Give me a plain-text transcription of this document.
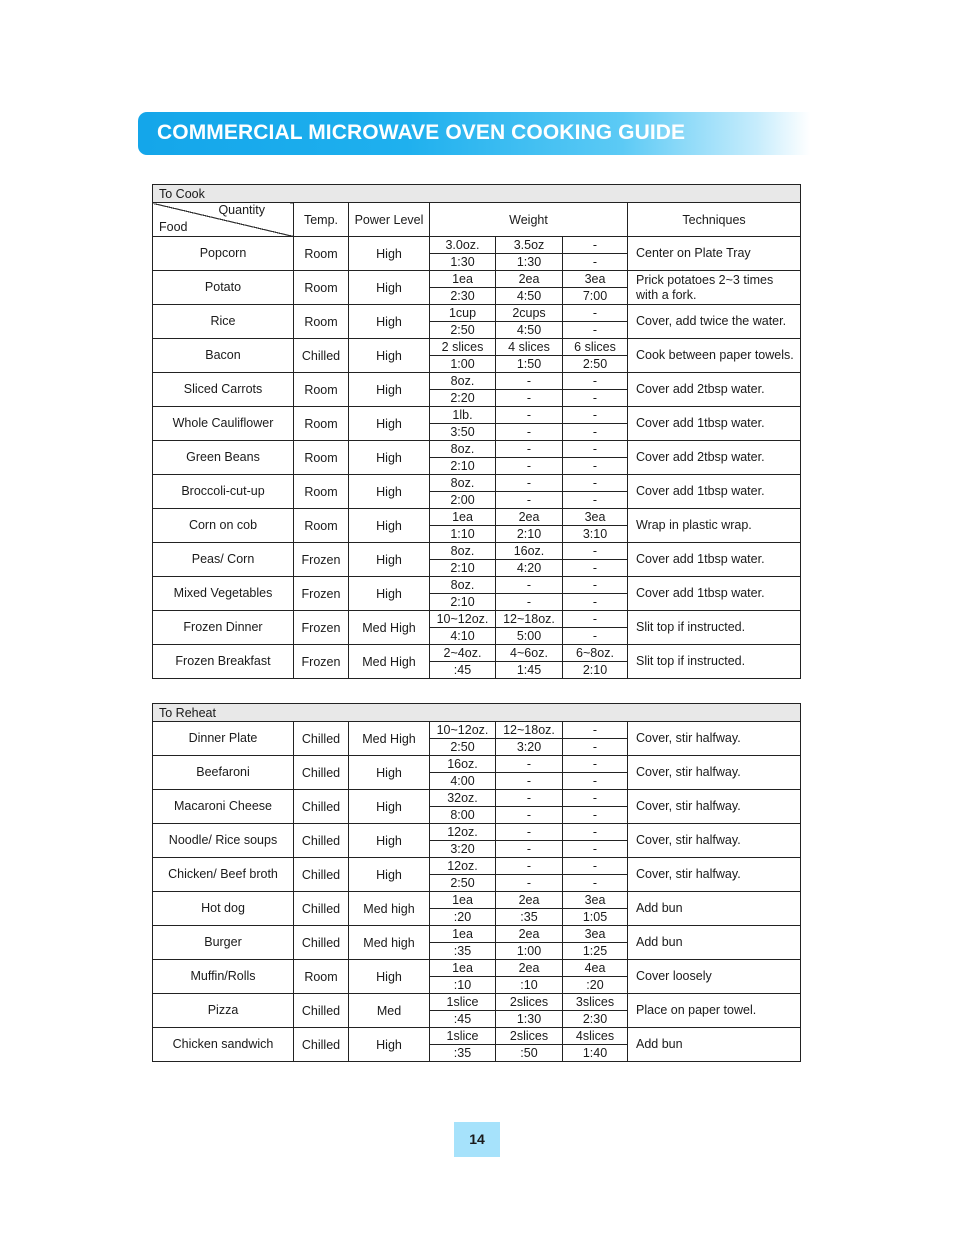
COMMERCIAL MICROWAVE OVEN COOKING GUIDE
To Cook						

Quantity
Food	Temp.	Power Level	Weight			Techniques
Popcorn	Room	High	3.0oz.	3.5oz	-	Center on Plate Tray
			1:30	1:30	-	
Potato	Room	High	1ea	2ea	3ea	Prick potatoes 2~3 times with a fork.
			2:30	4:50	7:00	
Rice	Room	High	1cup	2cups	-	Cover, add twice the water.
			2:50	4:50	-	
Bacon	Chilled	High	2 slices	4 slices	6 slices	Cook between paper towels.
			1:00	1:50	2:50	
Sliced Carrots	Room	High	8oz.	-	-	Cover add 2tbsp water.
			2:20	-	-	
Whole Cauliflower	Room	High	1lb.	-	-	Cover add 1tbsp water.
			3:50	-	-	
Green Beans	Room	High	8oz.	-	-	Cover add 2tbsp water.
			2:10	-	-	
Broccoli-cut-up	Room	High	8oz.	-	-	Cover add 1tbsp water.
			2:00	-	-	
Corn on cob	Room	High	1ea	2ea	3ea	Wrap in plastic wrap.
			1:10	2:10	3:10	
Peas/ Corn	Frozen	High	8oz.	16oz.	-	Cover add 1tbsp water.
			2:10	4:20	-	
Mixed Vegetables	Frozen	High	8oz.	-	-	Cover add 1tbsp water.
			2:10	-	-	
Frozen Dinner	Frozen	Med High	10~12oz.	12~18oz.	-	Slit top if instructed.
			4:10	5:00	-	
Frozen Breakfast	Frozen	Med High	2~4oz.	4~6oz.	6~8oz.	Slit top if instructed.
			:45	1:45	2:10	
To Reheat						
Dinner Plate	Chilled	Med High	10~12oz.	12~18oz.	-	Cover, stir halfway.
			2:50	3:20	-	
Beefaroni	Chilled	High	16oz.	-	-	Cover, stir halfway.
			4:00	-	-	
Macaroni Cheese	Chilled	High	32oz.	-	-	Cover, stir halfway.
			8:00	-	-	
Noodle/ Rice soups	Chilled	High	12oz.	-	-	Cover, stir halfway.
			3:20	-	-	
Chicken/ Beef broth	Chilled	High	12oz.	-	-	Cover, stir halfway.
			2:50	-	-	
Hot dog	Chilled	Med high	1ea	2ea	3ea	Add bun
			:20	:35	1:05	
Burger	Chilled	Med high	1ea	2ea	3ea	Add bun
			:35	1:00	1:25	
Muffin/Rolls	Room	High	1ea	2ea	4ea	Cover loosely
			:10	:10	:20	
Pizza	Chilled	Med	1slice	2slices	3slices	Place on paper towel.
			:45	1:30	2:30	
Chicken sandwich	Chilled	High	1slice	2slices	4slices	Add bun
			:35	:50	1:40	
14
